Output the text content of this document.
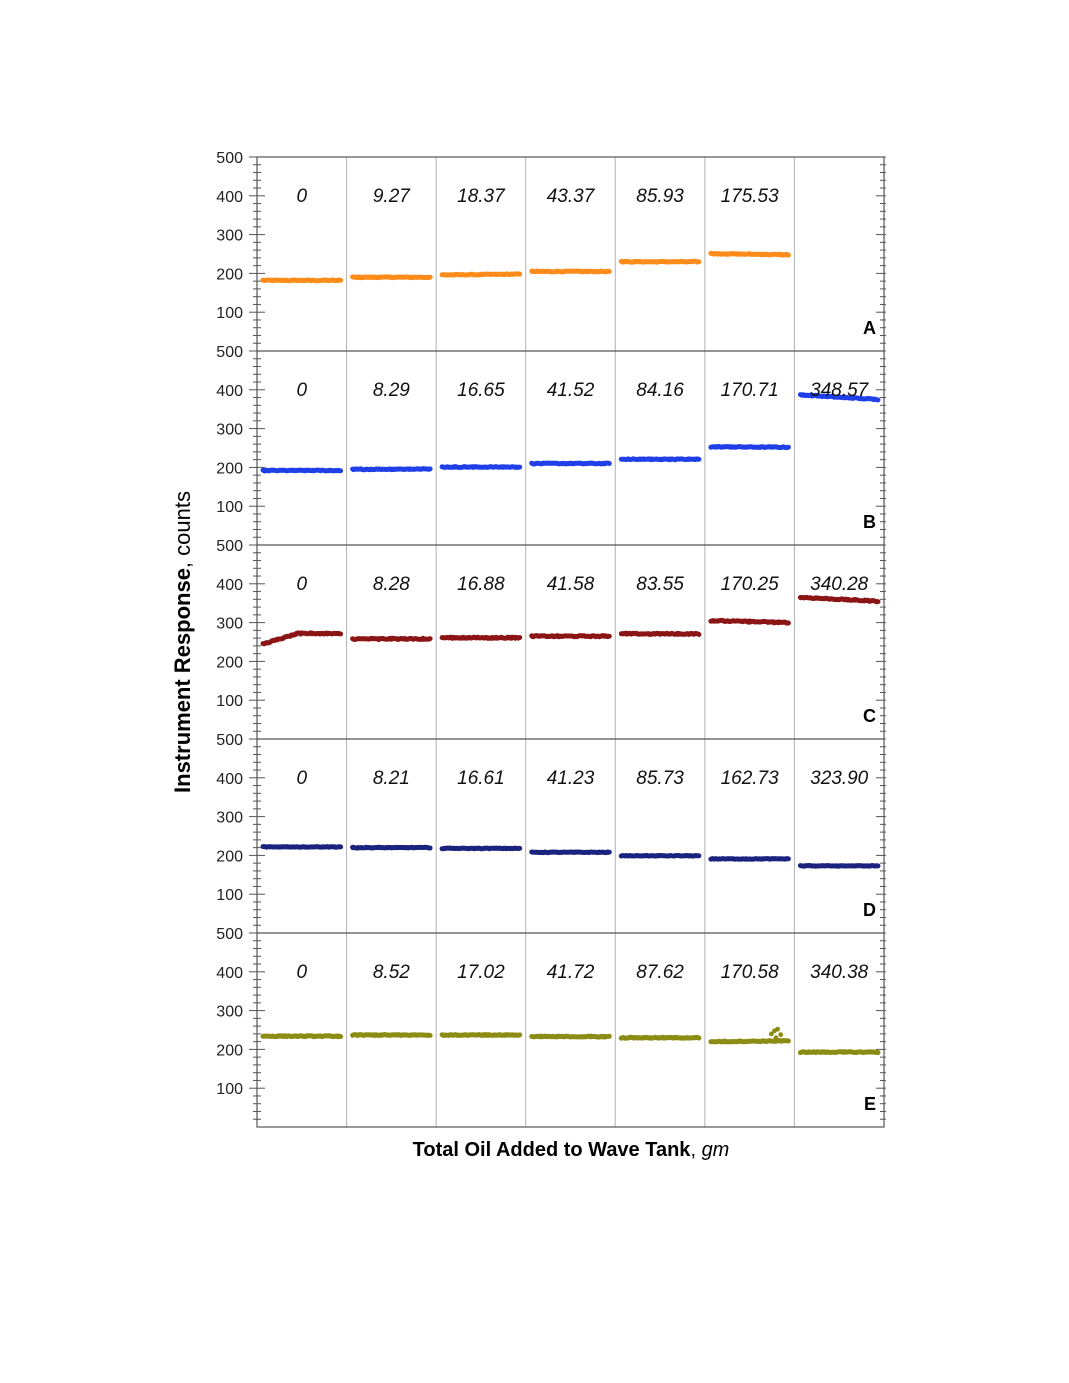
500
400
300
200
100
A
0	9.27 18.37 43.37 85.93 175.53
500
400
300
200
100
B
0	8.29 16.65 41.52 84.16 170.71 348.57
500
400
300
200
100
C
0	8.28 16.88 41.58 83.55 170.25 340.28
500
400
300
200
100
D
0	8.21 16.61 41.23 85.73 162.73 323.90
500
400
300
200
100
E
0	8.52 17.02 41.72 87.62 170.58 340.38
Instrument Response, counts
Total Oil Added to Wave Tank, gm
